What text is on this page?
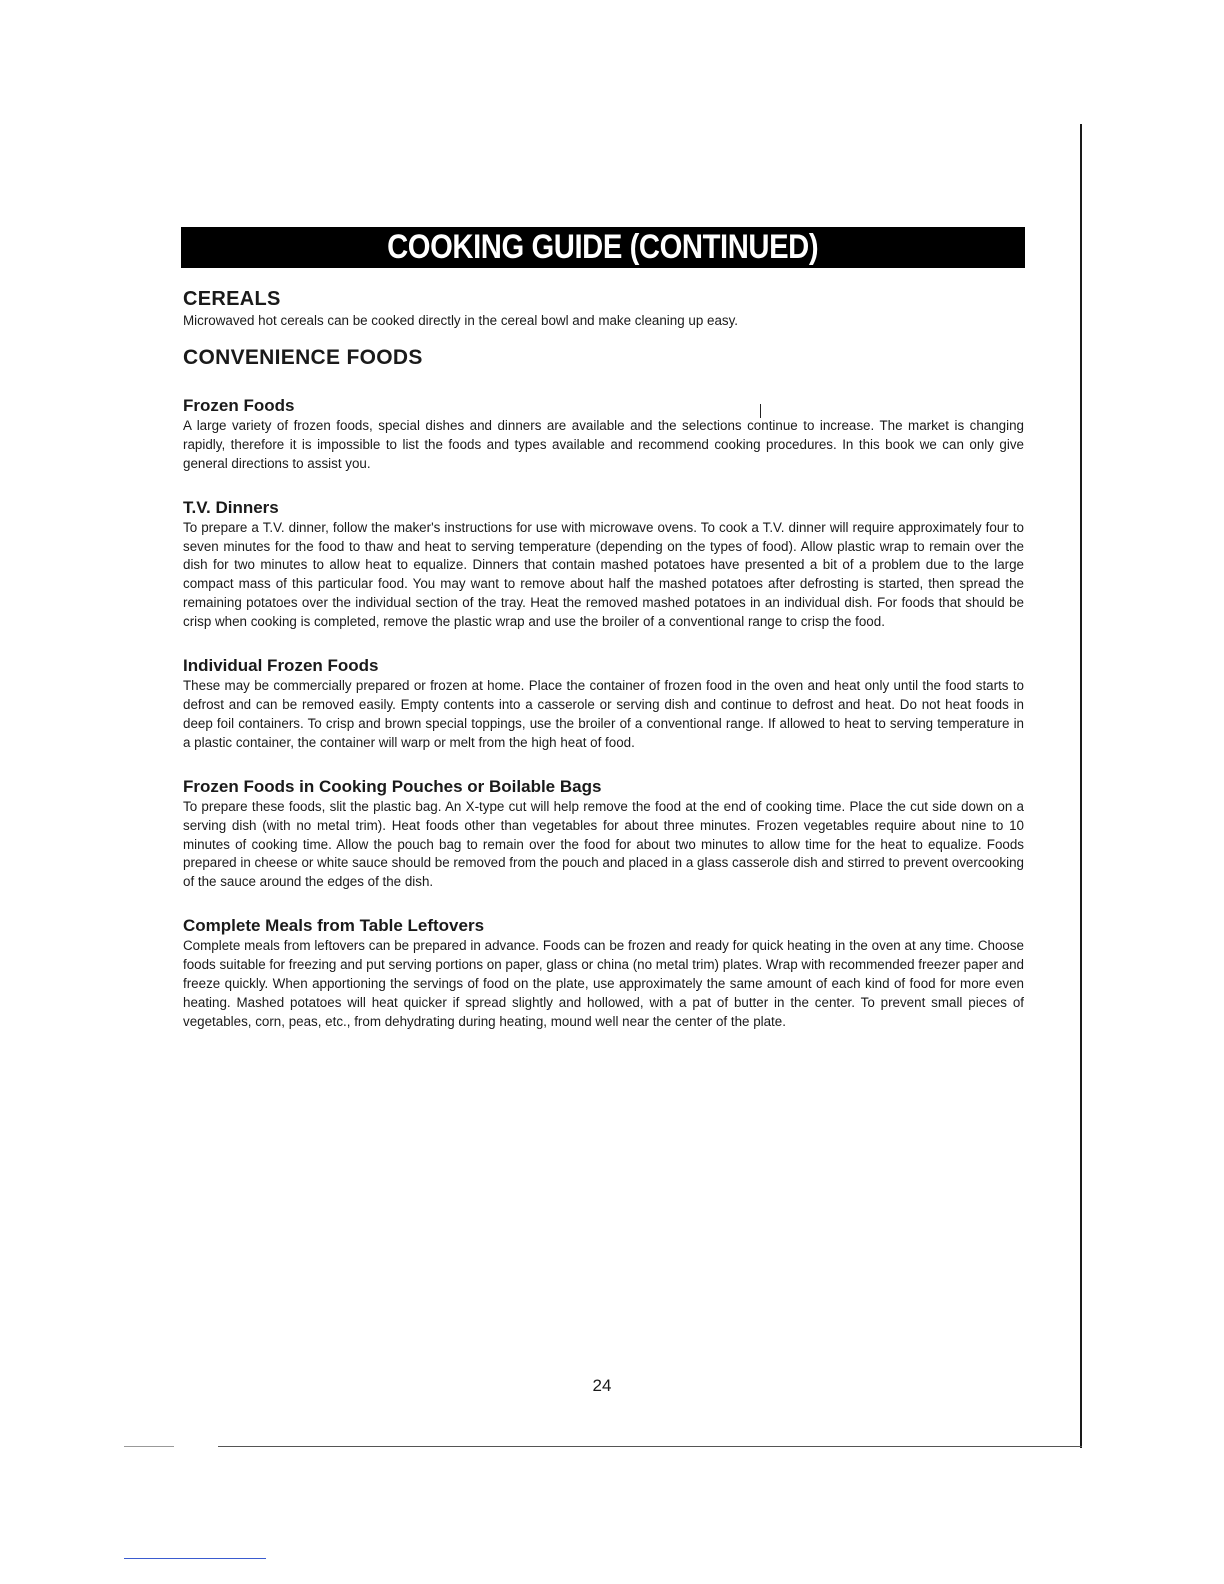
COOKING GUIDE (CONTINUED)
CEREALS

Microwaved hot cereals can be cooked directly in the cereal bowl and make cleaning up easy.

CONVENIENCE FOODS
Frozen Foods

A large variety of frozen foods, special dishes and dinners are available and the selections continue to increase. The market is changing rapidly, therefore it is impossible to list the foods and types available and recommend cooking procedures. In this book we can only give general directions to assist you.

T.V. Dinners

To prepare a T.V. dinner, follow the maker's instructions for use with microwave ovens. To cook a T.V. dinner will require approximately four to seven minutes for the food to thaw and heat to serving temperature (depending on the types of food). Allow plastic wrap to remain over the dish for two minutes to allow heat to equalize. Dinners that contain mashed potatoes have presented a bit of a problem due to the large compact mass of this particular food. You may want to remove about half the mashed potatoes after defrosting is started, then spread the remaining potatoes over the individual section of the tray. Heat the removed mashed potatoes in an individual dish. For foods that should be crisp when cooking is completed, remove the plastic wrap and use the broiler of a conventional range to crisp the food.

Individual Frozen Foods

These may be commercially prepared or frozen at home. Place the container of frozen food in the oven and heat only until the food starts to defrost and can be removed easily. Empty contents into a casserole or serving dish and continue to defrost and heat. Do not heat foods in deep foil containers. To crisp and brown special toppings, use the broiler of a conventional range. If allowed to heat to serving temperature in a plastic container, the container will warp or melt from the high heat of food.

Frozen Foods in Cooking Pouches or Boilable Bags

To prepare these foods, slit the plastic bag. An X-type cut will help remove the food at the end of cooking time. Place the cut side down on a serving dish (with no metal trim). Heat foods other than vegetables for about three minutes. Frozen vegetables require about nine to 10 minutes of cooking time. Allow the pouch bag to remain over the food for about two minutes to allow time for the heat to equalize. Foods prepared in cheese or white sauce should be removed from the pouch and placed in a glass casserole dish and stirred to prevent overcooking of the sauce around the edges of the dish.

Complete Meals from Table Leftovers

Complete meals from leftovers can be prepared in advance. Foods can be frozen and ready for quick heating in the oven at any time. Choose foods suitable for freezing and put serving portions on paper, glass or china (no metal trim) plates. Wrap with recommended freezer paper and freeze quickly. When apportioning the servings of food on the plate, use approximately the same amount of each kind of food for more even heating. Mashed potatoes will heat quicker if spread slightly and hollowed, with a pat of butter in the center. To prevent small pieces of vegetables, corn, peas, etc., from dehydrating during heating, mound well near the center of the plate.

24
